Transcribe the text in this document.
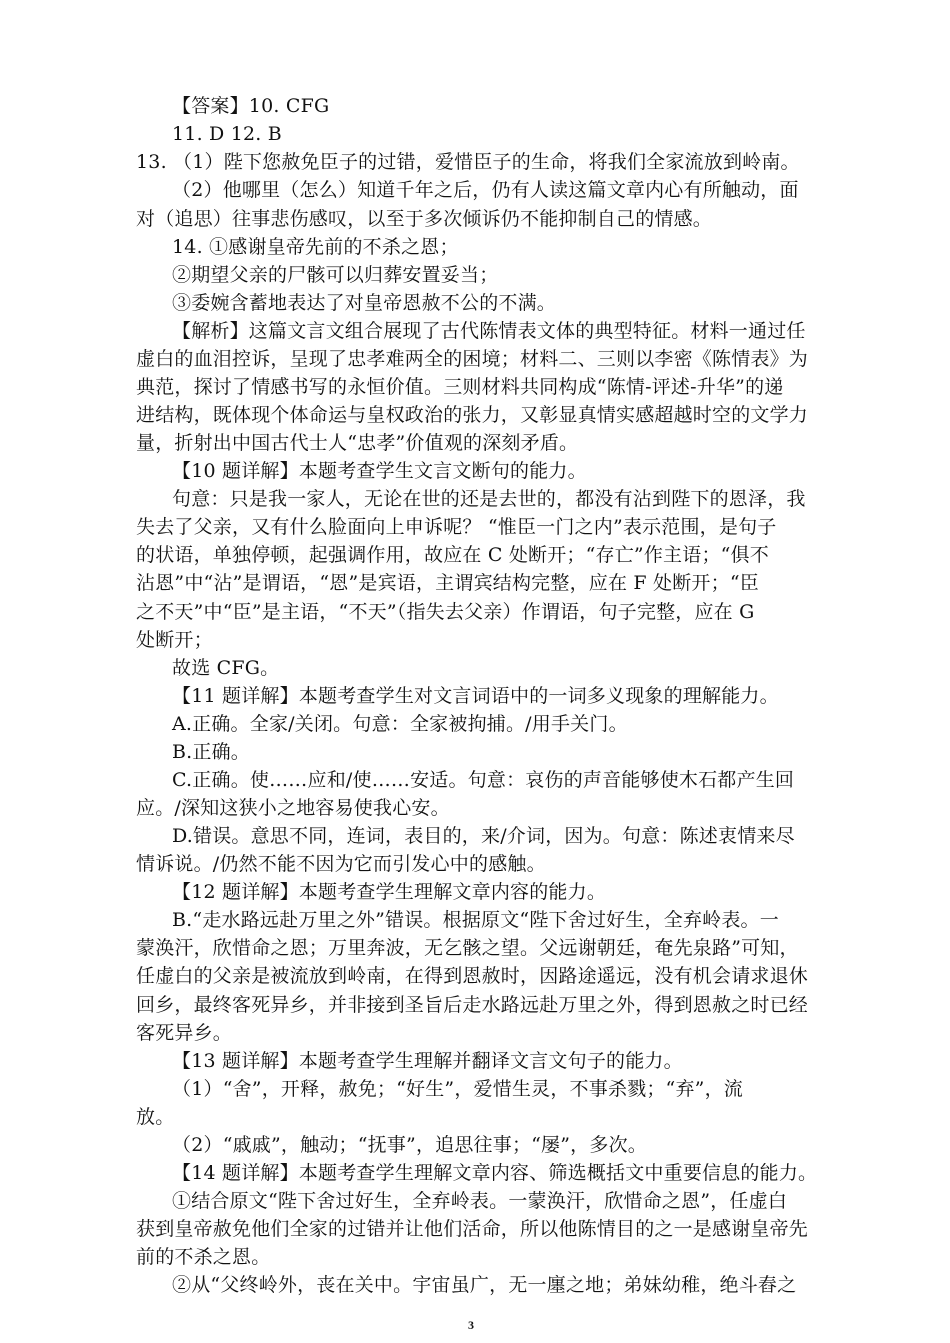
【答案】10. CFG
11. D 12. B
13. （1）陛下您赦免臣子的过错，爱惜臣子的生命，将我们全家流放到岭南。
（2）他哪里（怎么）知道千年之后，仍有人读这篇文章内心有所触动，面
对（追思）往事悲伤感叹，以至于多次倾诉仍不能抑制自己的情感。
14. ①感谢皇帝先前的不杀之恩；
②期望父亲的尸骸可以归葬安置妥当；
③委婉含蓄地表达了对皇帝恩赦不公的不满。
【解析】这篇文言文组合展现了古代陈情表文体的典型特征。材料一通过任
虚白的血泪控诉，呈现了忠孝难两全的困境；材料二、三则以李密《陈情表》为
典范，探讨了情感书写的永恒价值。三则材料共同构成“陈情-评述-升华”的递
进结构，既体现个体命运与皇权政治的张力，又彰显真情实感超越时空的文学力
量，折射出中国古代士人“忠孝”价值观的深刻矛盾。
【10 题详解】本题考查学生文言文断句的能力。
句意：只是我一家人，无论在世的还是去世的，都没有沾到陛下的恩泽，我
失去了父亲，又有什么脸面向上申诉呢？ “惟臣一门之内”表示范围，是句子
的状语，单独停顿，起强调作用，故应在 C 处断开；“存亡”作主语；“俱不
沾恩”中“沾”是谓语，“恩”是宾语，主谓宾结构完整，应在 F 处断开；“臣
之不天”中“臣”是主语，“不天”（指失去父亲）作谓语，句子完整，应在 G
处断开；
故选 CFG。
【11 题详解】本题考查学生对文言词语中的一词多义现象的理解能力。
A.正确。全家/关闭。句意：全家被拘捕。/用手关门。
B.正确。
C.正确。使……应和/使……安适。句意：哀伤的声音能够使木石都产生回
应。/深知这狭小之地容易使我心安。
D.错误。意思不同，连词，表目的，来/介词，因为。句意：陈述衷情来尽
情诉说。/仍然不能不因为它而引发心中的感触。
【12 题详解】本题考查学生理解文章内容的能力。
B.“走水路远赴万里之外”错误。根据原文“陛下舍过好生，全弃岭表。一
蒙涣汗，欣惜命之恩；万里奔波，无乞骸之望。父远谢朝廷，奄先泉路”可知，
任虚白的父亲是被流放到岭南，在得到恩赦时，因路途遥远，没有机会请求退休
回乡，最终客死异乡，并非接到圣旨后走水路远赴万里之外，得到恩赦之时已经
客死异乡。
【13 题详解】本题考查学生理解并翻译文言文句子的能力。
（1）“舍”，开释，赦免；“好生”，爱惜生灵，不事杀戮；“弃”，流
放。
（2）“戚戚”，触动；“抚事”，追思往事；“屡”，多次。
【14 题详解】本题考查学生理解文章内容、筛选概括文中重要信息的能力。
①结合原文“陛下舍过好生，全弃岭表。一蒙涣汗，欣惜命之恩”，任虚白
获到皇帝赦免他们全家的过错并让他们活命，所以他陈情目的之一是感谢皇帝先
前的不杀之恩。
②从“父终岭外，丧在关中。宇宙虽广，无一廛之地；弟妹幼稚，绝斗舂之
3
